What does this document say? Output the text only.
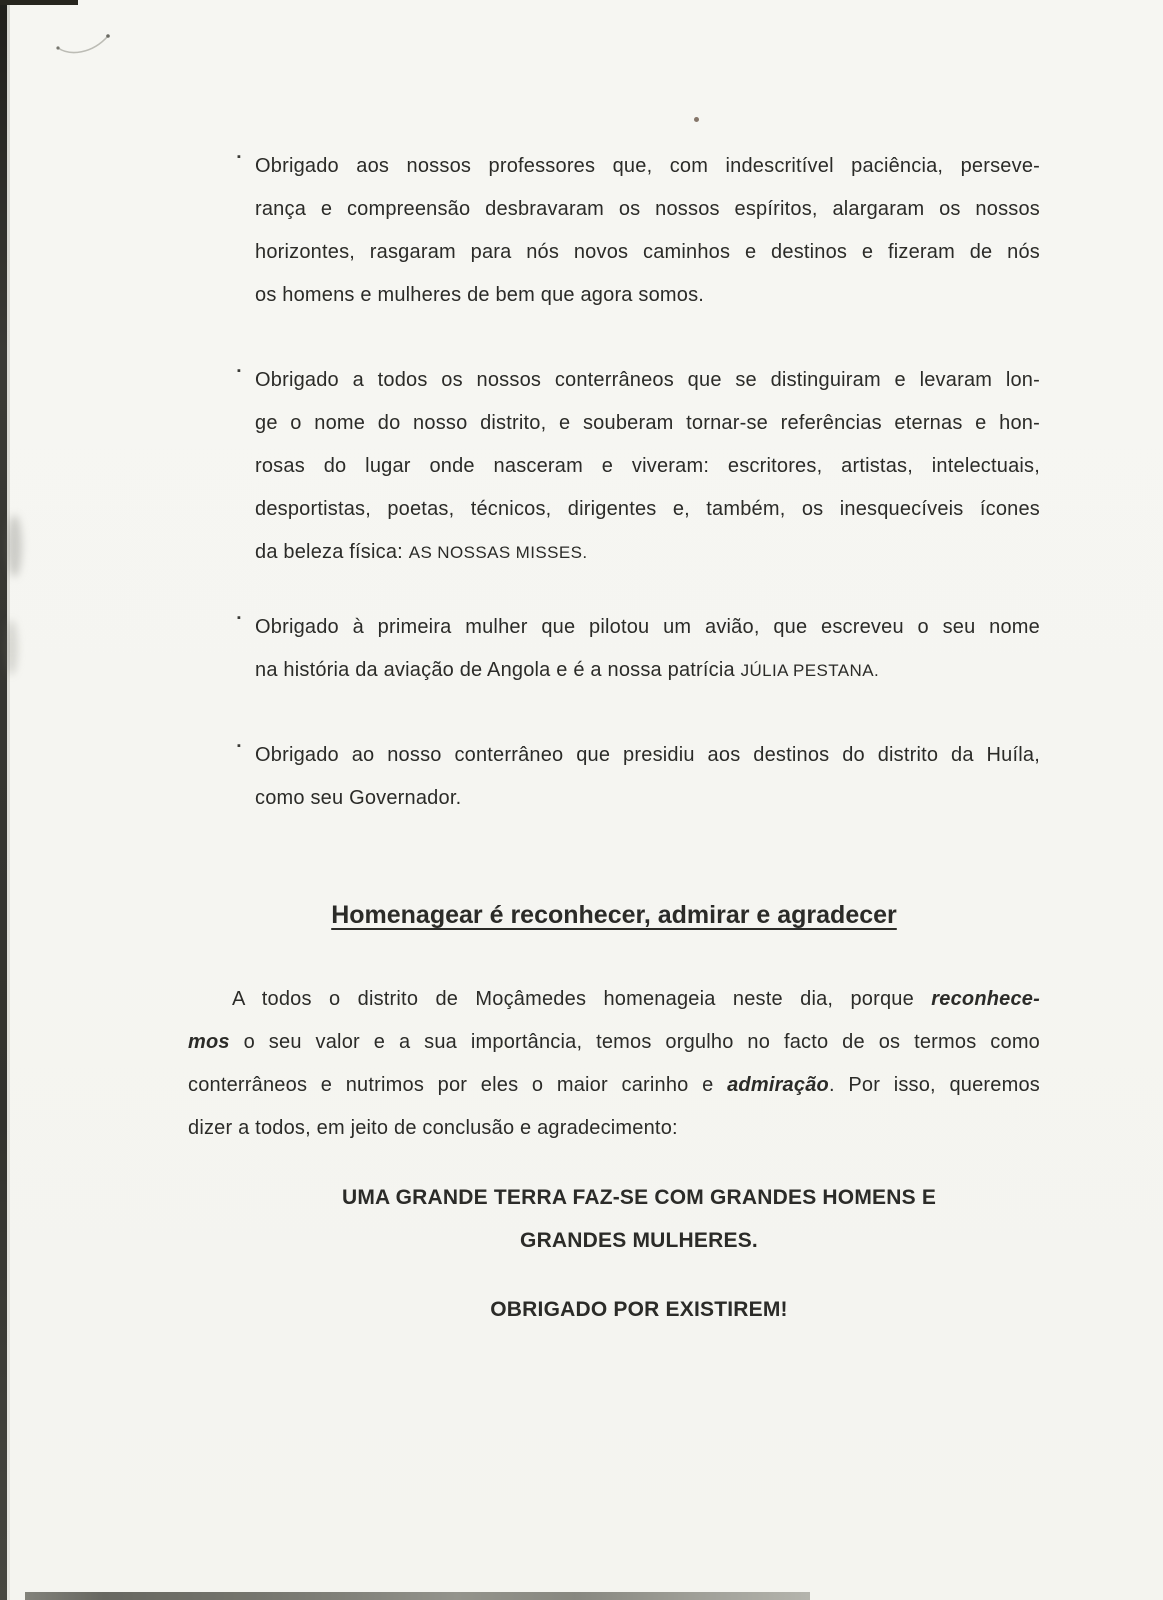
▪ Obrigado aos nossos professores que, com indescritível paciência, perseve-
rança e compreensão desbravaram os nossos espíritos, alargaram os nossos
horizontes, rasgaram para nós novos caminhos e destinos e fizeram de nós
os homens e mulheres de bem que agora somos.
▪ Obrigado a todos os nossos conterrâneos que se distinguiram e levaram lon-
ge o nome do nosso distrito, e souberam tornar-se referências eternas e hon-
rosas do lugar onde nasceram e viveram: escritores, artistas, intelectuais,
desportistas, poetas, técnicos, dirigentes e, também, os inesquecíveis ícones
da beleza física: AS NOSSAS MISSES.
▪ Obrigado à primeira mulher que pilotou um avião, que escreveu o seu nome
na história da aviação de Angola e é a nossa patrícia JÚLIA PESTANA.
▪ Obrigado ao nosso conterrâneo que presidiu aos destinos do distrito da Huíla,
como seu Governador.
Homenagear é reconhecer, admirar e agradecer
A todos o distrito de Moçâmedes homenageia neste dia, porque reconhece-
mos o seu valor e a sua importância, temos orgulho no facto de os termos como
conterrâneos e nutrimos por eles o maior carinho e admiração. Por isso, queremos
dizer a todos, em jeito de conclusão e agradecimento:
UMA GRANDE TERRA FAZ-SE COM GRANDES HOMENS E
GRANDES MULHERES.
OBRIGADO POR EXISTIREM!
